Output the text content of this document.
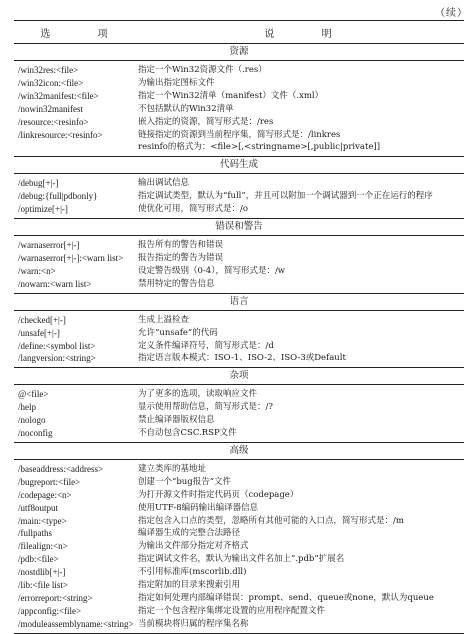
（续）
选 项	说 明
资源
/win32res:<file>	指定一个Win32资源文件（.res）
/win32icon:<file>	为输出指定图标文件
/win32manifest:<file>	指定一个Win32清单（manifest）文件（.xml）
/nowin32manifest	不包括默认的Win32清单
/resource:<resinfo>	嵌入指定的资源，简写形式是：/res
/linkresource:<resinfo>	链接指定的资源到当前程序集，简写形式是：/linkres
resinfo的格式为：<file>[,<stringname>[,public|private]]
代码生成
/debug[+|-]	输出调试信息
/debug:{full|pdbonly}	指定调试类型，默认为“full”，并且可以附加一个调试器到一个正在运行的程序
/optimize[+|-]	使优化可用，简写形式是：/o
错误和警告
/warnaserror[+|-]	报告所有的警告和错误
/warnaserror[+|-]:<warn list>	报告指定的警告为错误
/warn:<n>	设定警告级别（0-4），简写形式是：/w
/nowarn:<warn list>	禁用特定的警告信息
语言
/checked[+|-]	生成上溢检查
/unsafe[+|-]	允许“unsafe”的代码
/define:<symbol list>	定义条件编译符号，简写形式是：/d
/langversion:<string>	指定语言版本模式：ISO-1、ISO-2、ISO-3或Default
杂项
@<file>	为了更多的选项，读取响应文件
/help	显示使用帮助信息，简写形式是：/?
/nologo	禁止编译器版权信息
/noconfig	不自动包含CSC.RSP文件
高级
/baseaddress:<address>	建立类库的基地址
/bugreport:<file>	创建一个“bug报告”文件
/codepage:<n>	为打开源文件时指定代码页（codepage）
/utf8output	使用UTF-8编码输出编译器信息
/main:<type>	指定包含入口点的类型，忽略所有其他可能的入口点，简写形式是：/m
/fullpaths	编译器生成的完整合法路径
/filealign:<n>	为输出文件部分指定对齐格式
/pdb:<file>	指定调试文件名，默认为输出文件名加上“.pdb”扩展名
/nostdlib[+|-]	不引用标准库(mscorlib.dll)
/lib:<file list>	指定附加的目录来搜索引用
/errorreport:<string>	指定如何处理内部编译错误：prompt、send、queue或none，默认为queue
/appconfig:<file>	指定一个包含程序集绑定设置的应用程序配置文件
/moduleassemblyname:<string> 当前模块将归属的程序集名称
